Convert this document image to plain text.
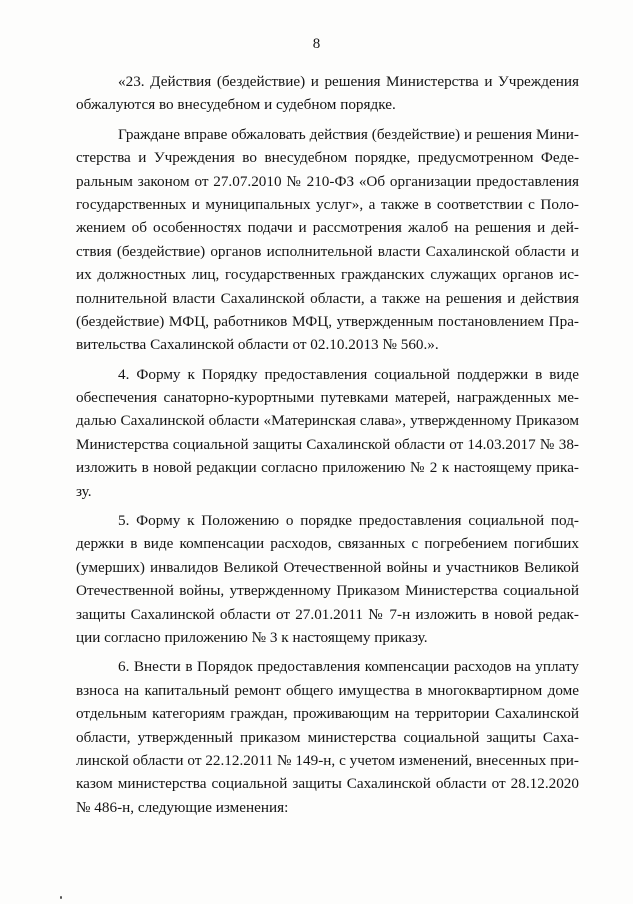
8
«23. Действия (бездействие) и решения Министерства и Учреждения
обжалуются во внесудебном и судебном порядке.
Граждане вправе обжаловать действия (бездействие) и решения Мини-
стерства и Учреждения во внесудебном порядке, предусмотренном Феде-
ральным законом от 27.07.2010 № 210-ФЗ «Об организации предоставления
государственных и муниципальных услуг», а также в соответствии с Поло-
жением об особенностях подачи и рассмотрения жалоб на решения и дей-
ствия (бездействие) органов исполнительной власти Сахалинской области и
их должностных лиц, государственных гражданских служащих органов ис-
полнительной власти Сахалинской области, а также на решения и действия
(бездействие) МФЦ, работников МФЦ, утвержденным постановлением Пра-
вительства Сахалинской области от 02.10.2013 № 560.».
4. Форму к Порядку предоставления социальной поддержки в виде
обеспечения санаторно-курортными путевками матерей, награжденных ме-
далью Сахалинской области «Материнская слава», утвержденному Приказом
Министерства социальной защиты Сахалинской области от 14.03.2017 № 38-
изложить в новой редакции согласно приложению № 2 к настоящему прика-
зу.
5. Форму к Положению о порядке предоставления социальной под-
держки в виде компенсации расходов, связанных с погребением погибших
(умерших) инвалидов Великой Отечественной войны и участников Великой
Отечественной войны, утвержденному Приказом Министерства социальной
защиты Сахалинской области от 27.01.2011 № 7-н изложить в новой редак-
ции согласно приложению № 3 к настоящему приказу.
6. Внести в Порядок предоставления компенсации расходов на уплату
взноса на капитальный ремонт общего имущества в многоквартирном доме
отдельным категориям граждан, проживающим на территории Сахалинской
области, утвержденный приказом министерства социальной защиты Саха-
линской области от 22.12.2011 № 149-н, с учетом изменений, внесенных при-
казом министерства социальной защиты Сахалинской области от 28.12.2020
№ 486-н, следующие изменения:
